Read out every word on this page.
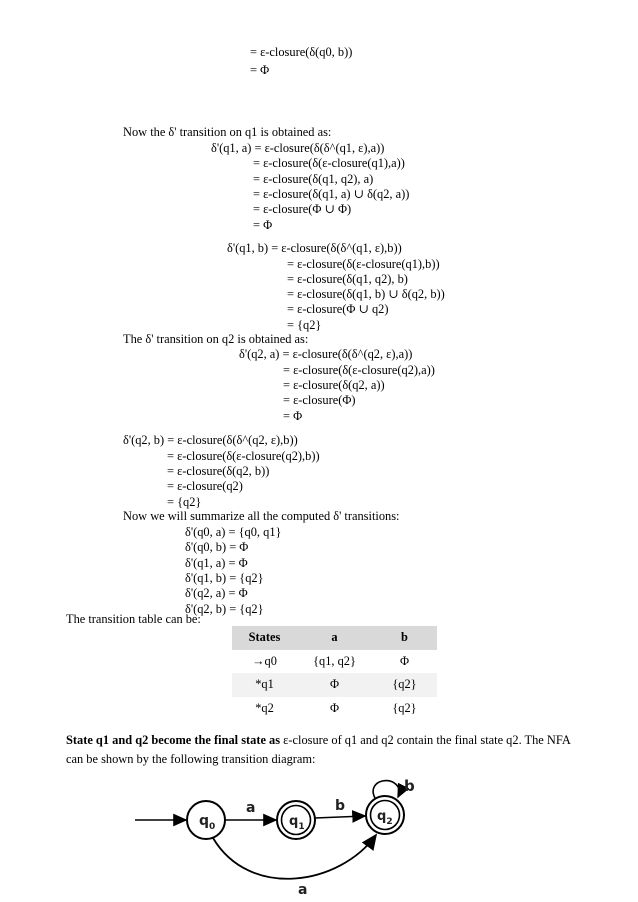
= ε-closure(δ(q0, b))
= Φ
Now the δ' transition on q1 is obtained as:
δ'(q1, a) = ε-closure(δ(δ^(q1, ε),a))
= ε-closure(δ(ε-closure(q1),a))
= ε-closure(δ(q1, q2), a)
= ε-closure(δ(q1, a) ∪ δ(q2, a))
= ε-closure(Φ ∪ Φ)
= Φ
δ'(q1, b) = ε-closure(δ(δ^(q1, ε),b))
= ε-closure(δ(ε-closure(q1),b))
= ε-closure(δ(q1, q2), b)
= ε-closure(δ(q1, b) ∪ δ(q2, b))
= ε-closure(Φ ∪ q2)
= {q2}
The δ' transition on q2 is obtained as:
δ'(q2, a) = ε-closure(δ(δ^(q2, ε),a))
= ε-closure(δ(ε-closure(q2),a))
= ε-closure(δ(q2, a))
= ε-closure(Φ)
= Φ
δ'(q2, b) = ε-closure(δ(δ^(q2, ε),b))
= ε-closure(δ(ε-closure(q2),b))
= ε-closure(δ(q2, b))
= ε-closure(q2)
= {q2}
Now we will summarize all the computed δ' transitions:
δ'(q0, a) = {q0, q1}
δ'(q0, b) = Φ
δ'(q1, a) = Φ
δ'(q1, b) = {q2}
δ'(q2, a) = Φ
δ'(q2, b) = {q2}
The transition table can be:
States	a	b
→q0	{q1, q2}	Φ
*q1	Φ	{q2}
*q2	Φ	{q2}
State q1 and q2 become the final state as ε-closure of q1 and q2 contain the final state q2. The NFA can be shown by the following transition diagram:
$q_0$
a
$q_1$
b
$q_2$
b
a
